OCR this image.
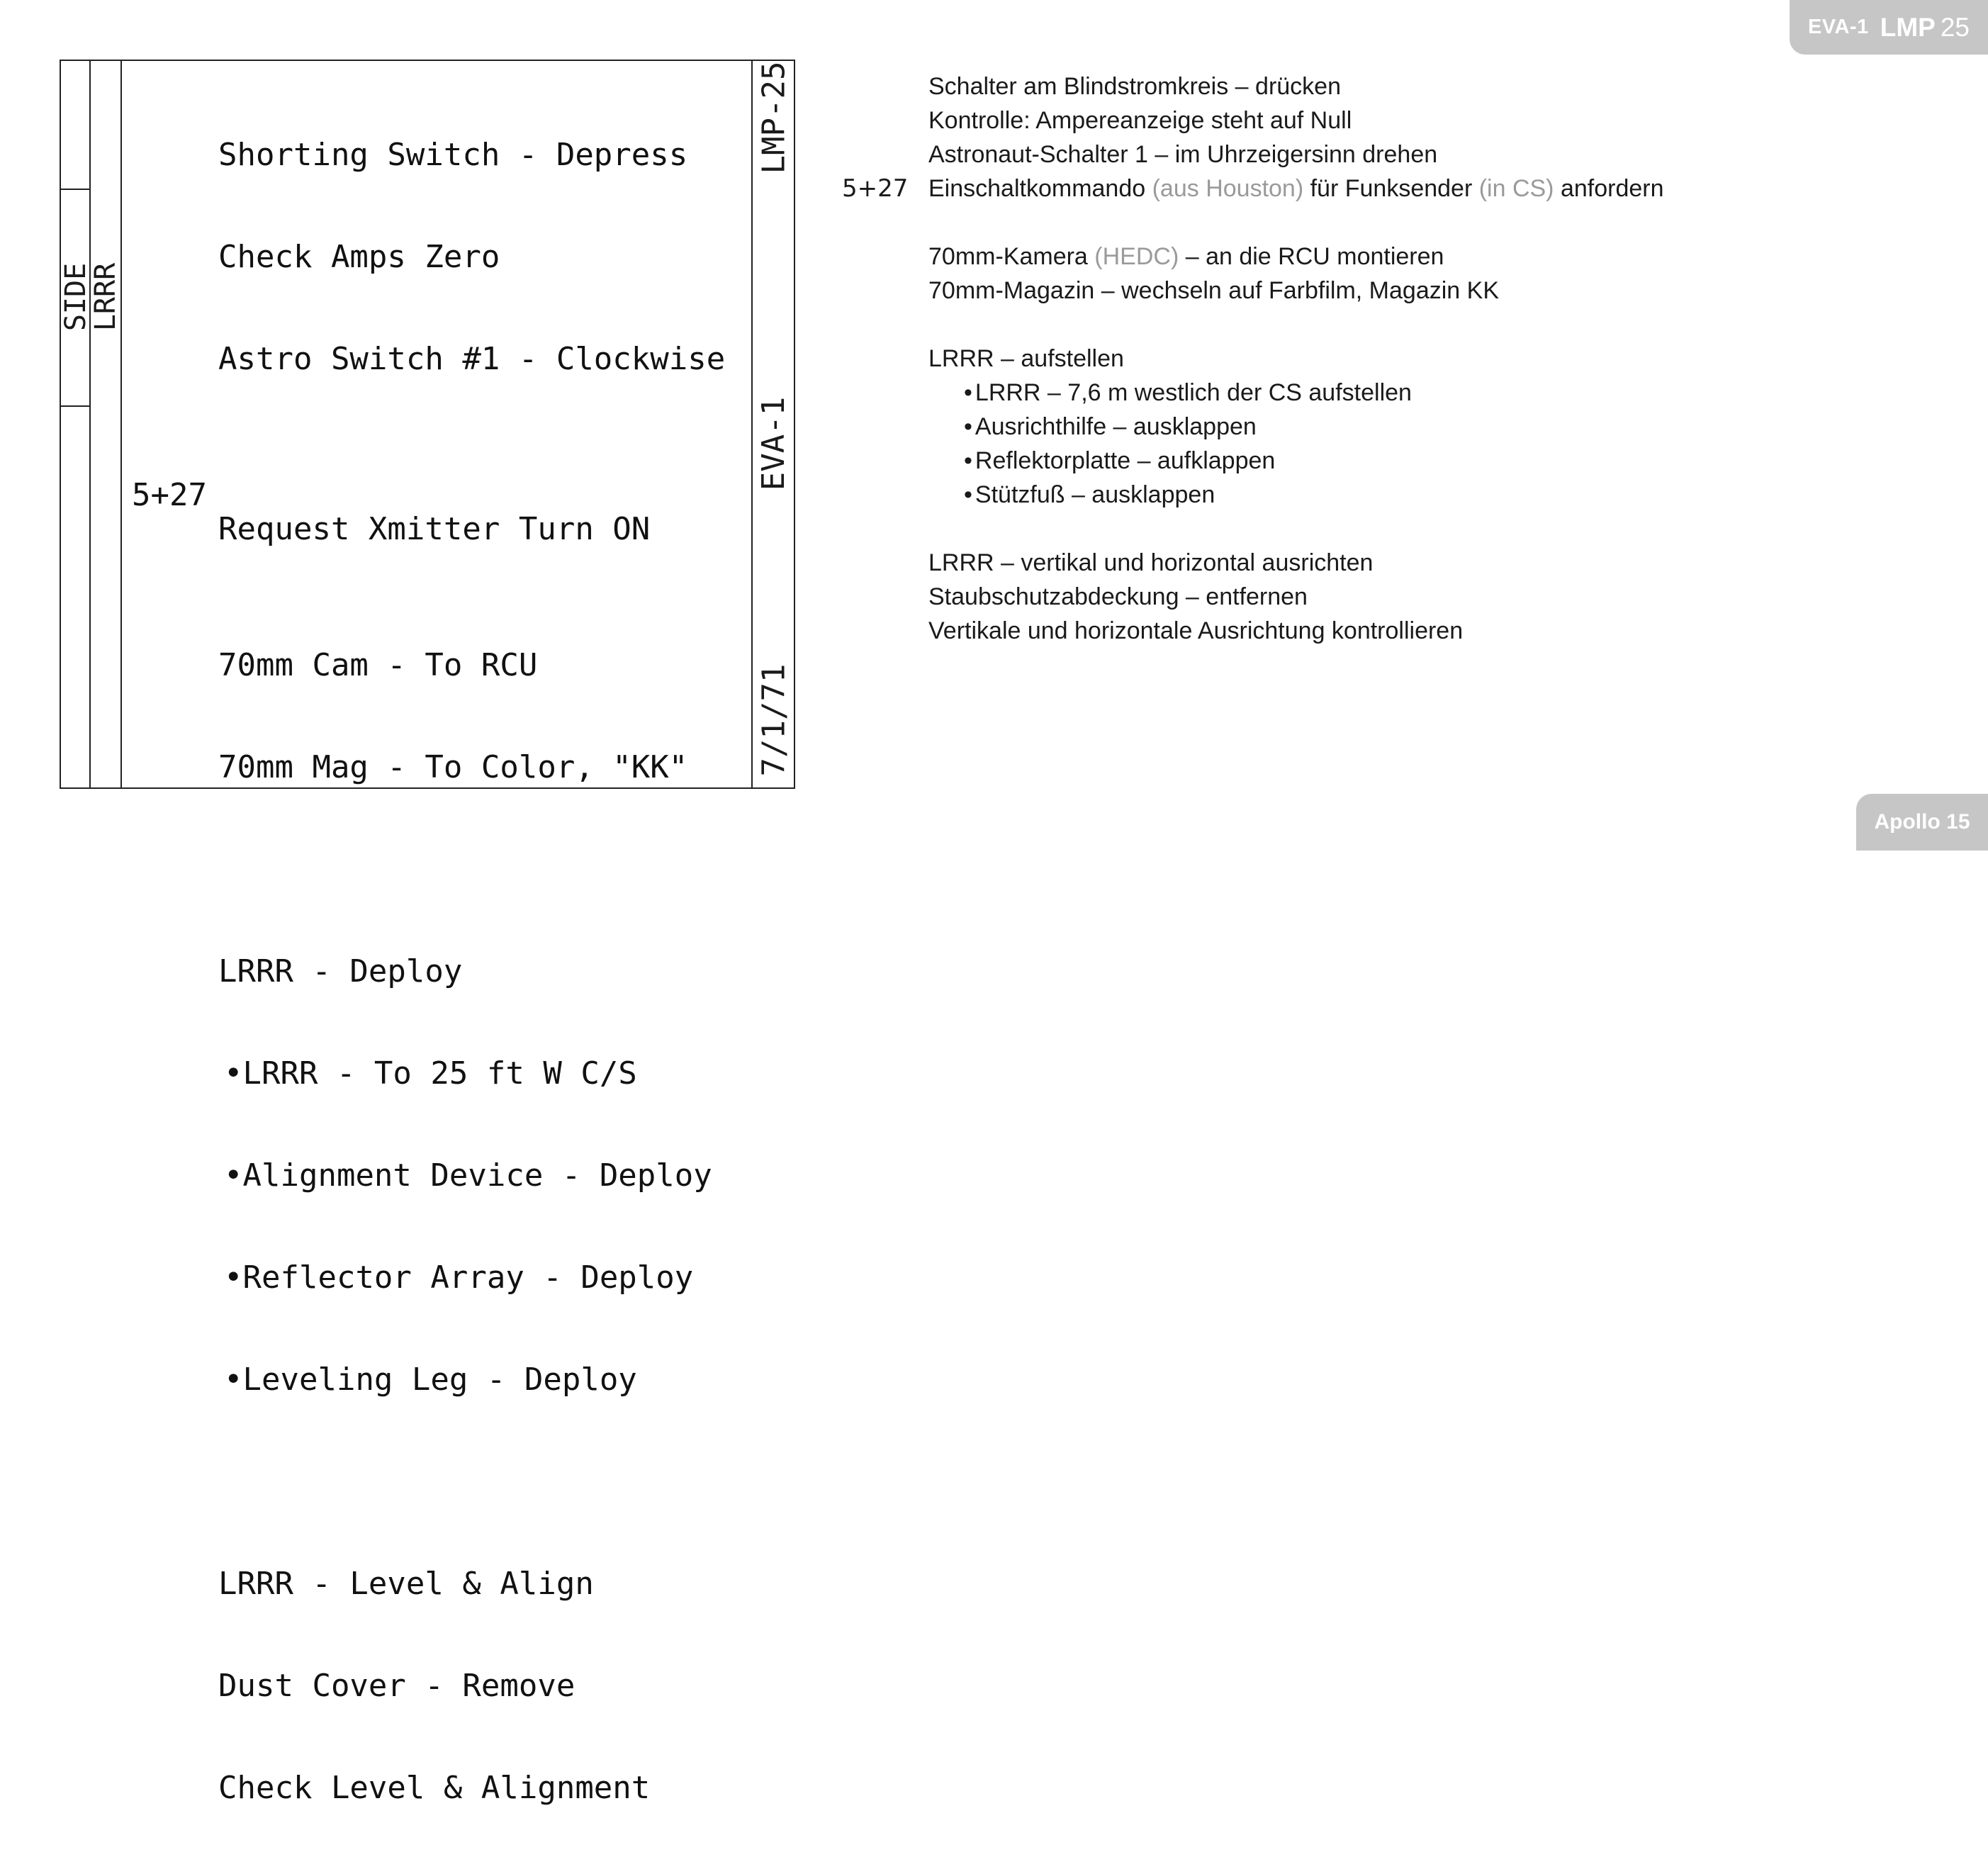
EVA-1 LMP 25
SIDE
LRRR
LMP-25
EVA-1
7/1/71

Shorting Switch - Depress

Check Amps Zero

Astro Switch #1 - Clockwise

5+27

Request Xmitter Turn ON

70mm Cam - To RCU

70mm Mag - To Color, "KK"

LRRR - Deploy

• LRRR - To 25 ft W C/S

• Alignment Device - Deploy

• Reflector Array - Deploy

• Leveling Leg - Deploy

LRRR - Level & Align

Dust Cover - Remove

Check Level & Alignment

Schalter am Blindstromkreis – drücken
Kontrolle: Ampereanzeige steht auf Null
Astronaut-Schalter 1 – im Uhrzeigersinn drehen
5+27 Einschaltkommando (aus Houston) für Funksender (in CS) anfordern
70mm-Kamera (HEDC) – an die RCU montieren
70mm-Magazin – wechseln auf Farbfilm, Magazin KK
LRRR – aufstellen
• LRRR – 7,6 m westlich der CS aufstellen
• Ausrichthilfe – ausklappen
• Reflektorplatte – aufklappen
• Stützfuß – ausklappen
LRRR – vertikal und horizontal ausrichten
Staubschutzabdeckung – entfernen
Vertikale und horizontale Ausrichtung kontrollieren
Apollo 15
